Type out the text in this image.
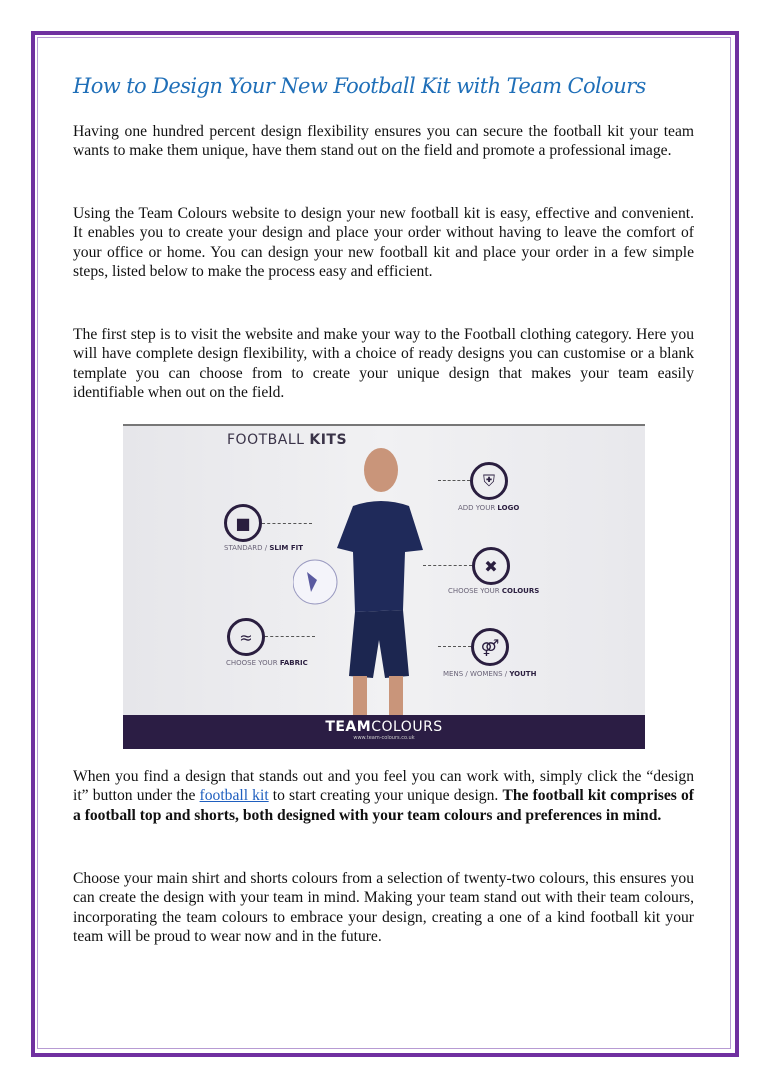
How to Design Your New Football Kit with Team Colours

Having one hundred percent design flexibility ensures you can secure the football kit your team wants to make them unique, have them stand out on the field and promote a professional image.

Using the Team Colours website to design your new football kit is easy, effective and convenient. It enables you to create your design and place your order without having to leave the comfort of your office or home. You can design your new football kit and place your order in a few simple steps, listed below to make the process easy and efficient.

The first step is to visit the website and make your way to the Football clothing category. Here you will have complete design flexibility, with a choice of ready designs you can customise or a blank template you can choose from to create your unique design that makes your team easily identifiable when out on the field.

FOOTBALL KITS
■
STANDARD / SLIM FIT
≈
CHOOSE YOUR FABRIC
⛨
ADD YOUR LOGO
✖
CHOOSE YOUR COLOURS
⚤
MENS / WOMENS / YOUTH
TEAMCOLOURS
www.team-colours.co.uk

When you find a design that stands out and you feel you can work with, simply click the “design it” button under the football kit to start creating your unique design. The football kit comprises of a football top and shorts, both designed with your team colours and preferences in mind.

Choose your main shirt and shorts colours from a selection of twenty-two colours, this ensures you can create the design with your team in mind. Making your team stand out with their team colours, incorporating the team colours to embrace your design, creating a one of a kind football kit your team will be proud to wear now and in the future.
